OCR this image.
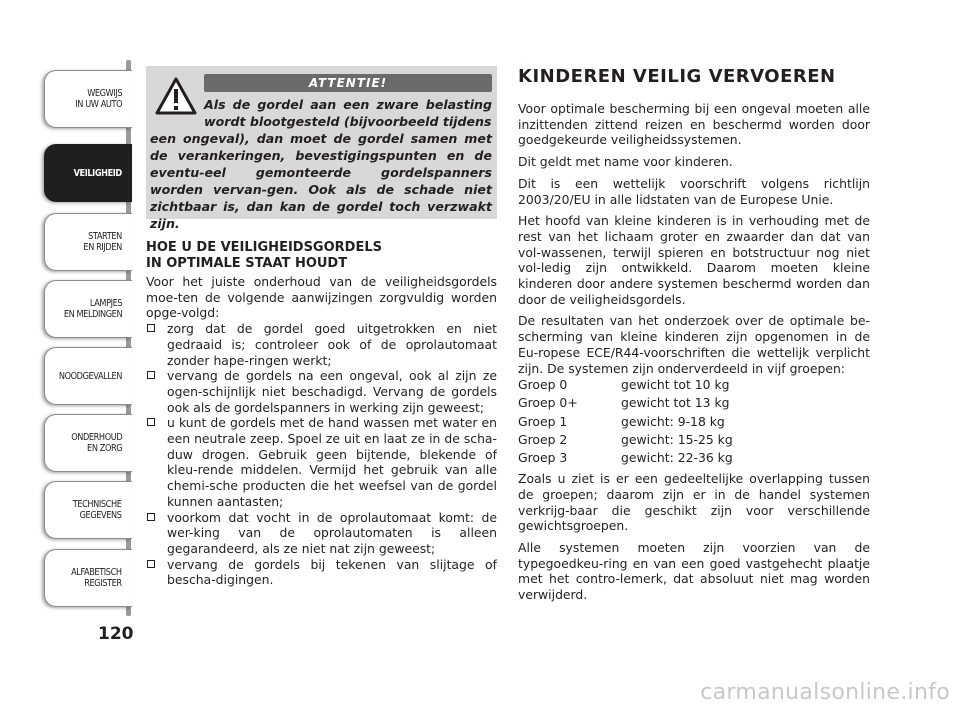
WEGWIJS
IN UW AUTO
VEILIGHEID
STARTEN
EN RIJDEN
LAMPJES
EN MELDINGEN
NOODGEVALLEN
ONDERHOUD
EN ZORG
TECHNISCHE
GEGEVENS
ALFABETISCH
REGISTER
120
ATTENTIE!
Als de gordel aan een zware belasting wordt blootgesteld (bijvoorbeeld tijdens
een ongeval), dan moet de gordel samen met de verankeringen, bevestigingspunten en de eventu-eel gemonteerde gordelspanners worden vervan-gen. Ook als de schade niet zichtbaar is, dan kan de gordel toch verzwakt zijn.
HOE U DE VEILIGHEIDSGORDELS
IN OPTIMALE STAAT HOUDT

Voor het juiste onderhoud van de veiligheidsgordels moe-ten de volgende aanwijzingen zorgvuldig worden opge-volgd:

zorg dat de gordel goed uitgetrokken en niet gedraaid is; controleer ook of de oprolautomaat zonder hape-ringen werkt;
vervang de gordels na een ongeval, ook al zijn ze ogen-schijnlijk niet beschadigd. Vervang de gordels ook als de gordelspanners in werking zijn geweest;
u kunt de gordels met de hand wassen met water en een neutrale zeep. Spoel ze uit en laat ze in de scha-duw drogen. Gebruik geen bijtende, blekende of kleu-rende middelen. Vermijd het gebruik van alle chemi-sche producten die het weefsel van de gordel kunnen aantasten;
voorkom dat vocht in de oprolautomaat komt: de wer-king van de oprolautomaten is alleen gegarandeerd, als ze niet nat zijn geweest;
vervang de gordels bij tekenen van slijtage of bescha-digingen.
KINDEREN VEILIG VERVOEREN

Voor optimale bescherming bij een ongeval moeten alle inzittenden zittend reizen en beschermd worden door goedgekeurde veiligheidssystemen.

Dit geldt met name voor kinderen.

Dit is een wettelijk voorschrift volgens richtlijn 2003/20/EU in alle lidstaten van de Europese Unie.

Het hoofd van kleine kinderen is in verhouding met de rest van het lichaam groter en zwaarder dan dat van vol-wassenen, terwijl spieren en botstructuur nog niet vol-ledig zijn ontwikkeld. Daarom moeten kleine kinderen door andere systemen beschermd worden dan door de veiligheidsgordels.

De resultaten van het onderzoek over de optimale be-scherming van kleine kinderen zijn opgenomen in de Eu-ropese ECE/R44-voorschriften die wettelijk verplicht zijn. De systemen zijn onderverdeeld in vijf groepen:

Groep 0	gewicht tot 10 kg
Groep 0+	gewicht tot 13 kg
Groep 1	gewicht: 9-18 kg
Groep 2	gewicht: 15-25 kg
Groep 3	gewicht: 22-36 kg

Zoals u ziet is er een gedeeltelijke overlapping tussen de groepen; daarom zijn er in de handel systemen verkrijg-baar die geschikt zijn voor verschillende gewichtsgroepen.

Alle systemen moeten zijn voorzien van de typegoedkeu-ring en van een goed vastgehecht plaatje met het contro-lemerk, dat absoluut niet mag worden verwijderd.

carmanualsonline.info
